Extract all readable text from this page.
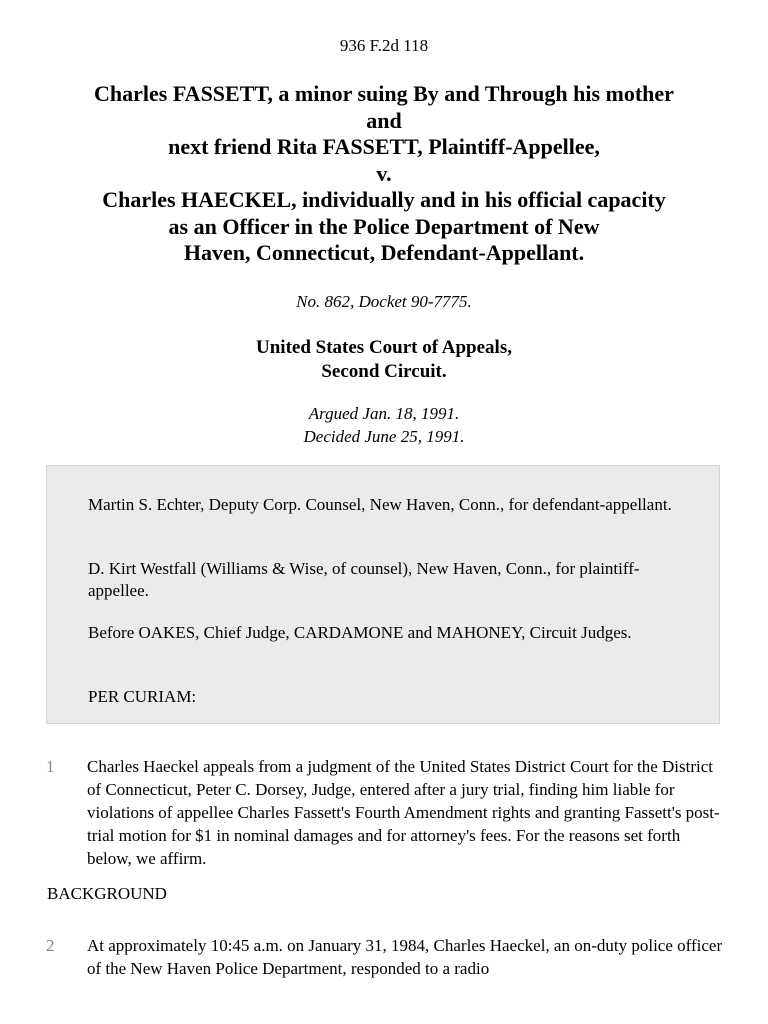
936 F.2d 118
Charles FASSETT, a minor suing By and Through his mother
and
next friend Rita FASSETT, Plaintiff-Appellee,
v.
Charles HAECKEL, individually and in his official capacity
as an Officer in the Police Department of New
Haven, Connecticut, Defendant-Appellant.
No. 862, Docket 90-7775.
United States Court of Appeals,
Second Circuit.
Argued Jan. 18, 1991.
Decided June 25, 1991.

Martin S. Echter, Deputy Corp. Counsel, New Haven, Conn., for defendant-appellant.

D. Kirt Westfall (Williams & Wise, of counsel), New Haven, Conn., for plaintiff-appellee.

Before OAKES, Chief Judge, CARDAMONE and MAHONEY, Circuit Judges.

PER CURIAM:

1 Charles Haeckel appeals from a judgment of the United States District Court for the District of Connecticut, Peter C. Dorsey, Judge, entered after a jury trial, finding him liable for violations of appellee Charles Fassett's Fourth Amendment rights and granting Fassett's post-trial motion for $1 in nominal damages and for attorney's fees. For the reasons set forth below, we affirm.

BACKGROUND
2 At approximately 10:45 a.m. on January 31, 1984, Charles Haeckel, an on-duty police officer of the New Haven Police Department, responded to a radio
